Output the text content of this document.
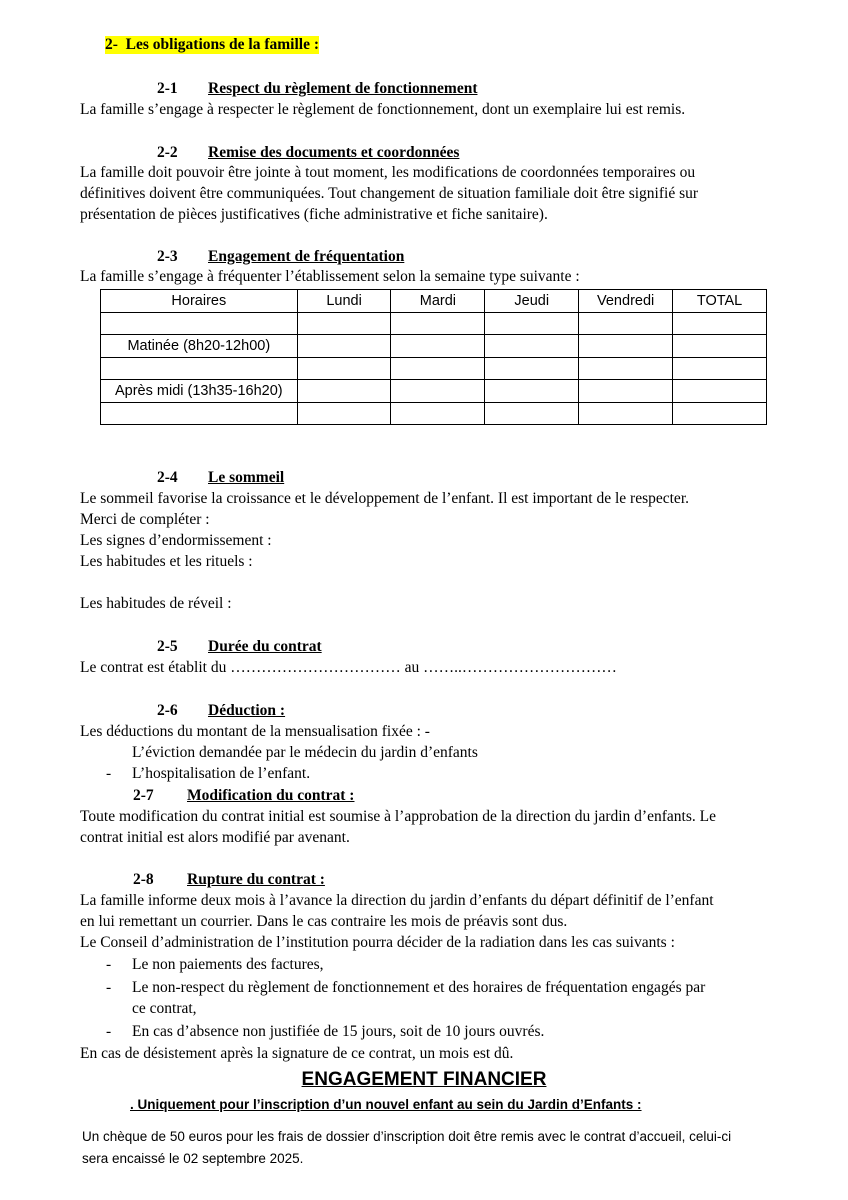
2- Les obligations de la famille :
2-1 Respect du règlement de fonctionnement
La famille s’engage à respecter le règlement de fonctionnement, dont un exemplaire lui est remis.
2-2 Remise des documents et coordonnées
La famille doit pouvoir être jointe à tout moment, les modifications de coordonnées temporaires ou
définitives doivent être communiquées. Tout changement de situation familiale doit être signifié sur
présentation de pièces justificatives (fiche administrative et fiche sanitaire).
2-3 Engagement de fréquentation
La famille s’engage à fréquenter l’établissement selon la semaine type suivante :
Horaires	Lundi	Mardi	Jeudi	Vendredi	TOTAL

Matinée (8h20-12h00)					

Après midi (13h35-16h20)					

2-4 Le sommeil
Le sommeil favorise la croissance et le développement de l’enfant. Il est important de le respecter.
Merci de compléter :
Les signes d’endormissement :
Les habitudes et les rituels :
Les habitudes de réveil :
2-5 Durée du contrat
Le contrat est établit du …………………………… au ……..…………………………
2-6 Déduction :
Les déductions du montant de la mensualisation fixée : -
L’éviction demandée par le médecin du jardin d’enfants
- L’hospitalisation de l’enfant.
2-7 Modification du contrat :
Toute modification du contrat initial est soumise à l’approbation de la direction du jardin d’enfants. Le
contrat initial est alors modifié par avenant.
2-8 Rupture du contrat :
La famille informe deux mois à l’avance la direction du jardin d’enfants du départ définitif de l’enfant
en lui remettant un courrier. Dans le cas contraire les mois de préavis sont dus.
Le Conseil d’administration de l’institution pourra décider de la radiation dans les cas suivants :
- Le non paiements des factures,
- Le non-respect du règlement de fonctionnement et des horaires de fréquentation engagés par
ce contrat,
- En cas d’absence non justifiée de 15 jours, soit de 10 jours ouvrés.
En cas de désistement après la signature de ce contrat, un mois est dû.
ENGAGEMENT FINANCIER
. Uniquement pour l’inscription d’un nouvel enfant au sein du Jardin d’Enfants :
Un chèque de 50 euros pour les frais de dossier d’inscription doit être remis avec le contrat d’accueil, celui-ci
sera encaissé le 02 septembre 2025.
